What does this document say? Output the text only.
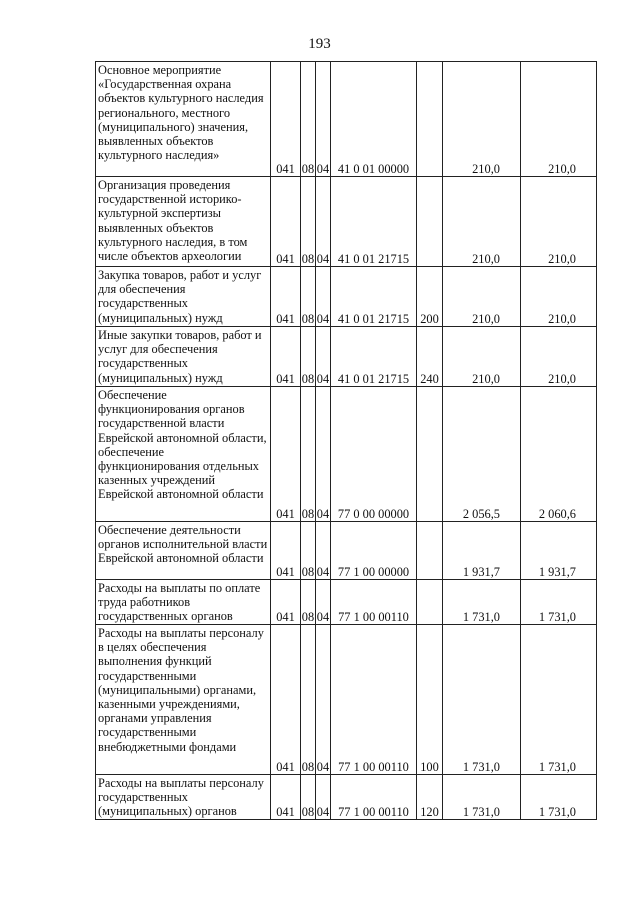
193
Основное мероприятие «Государственная охрана объектов культурного наследия регионального, местного (муниципального) значения, выявленных объектов культурного наследия»	041	08	04	41 0 01 00000		210,0	210,0
Организация проведения государственной историко-культурной экспертизы выявленных объектов культурного наследия, в том числе объектов археологии	041	08	04	41 0 01 21715		210,0	210,0
Закупка товаров, работ и услуг для обеспечения государственных (муниципальных) нужд	041	08	04	41 0 01 21715	200	210,0	210,0
Иные закупки товаров, работ и услуг для обеспечения государственных (муниципальных) нужд	041	08	04	41 0 01 21715	240	210,0	210,0
Обеспечение функционирования органов государственной власти Еврейской автономной области, обеспечение функционирования отдельных казенных учреждений Еврейской автономной области	041	08	04	77 0 00 00000		2 056,5	2 060,6
Обеспечение деятельности органов исполнительной власти Еврейской автономной области	041	08	04	77 1 00 00000		1 931,7	1 931,7
Расходы на выплаты по оплате труда работников государственных органов	041	08	04	77 1 00 00110		1 731,0	1 731,0
Расходы на выплаты персоналу в целях обеспечения выполнения функций государственными (муниципальными) органами, казенными учреждениями, органами управления государственными внебюджетными фондами	041	08	04	77 1 00 00110	100	1 731,0	1 731,0
Расходы на выплаты персоналу государственных (муниципальных) органов	041	08	04	77 1 00 00110	120	1 731,0	1 731,0
